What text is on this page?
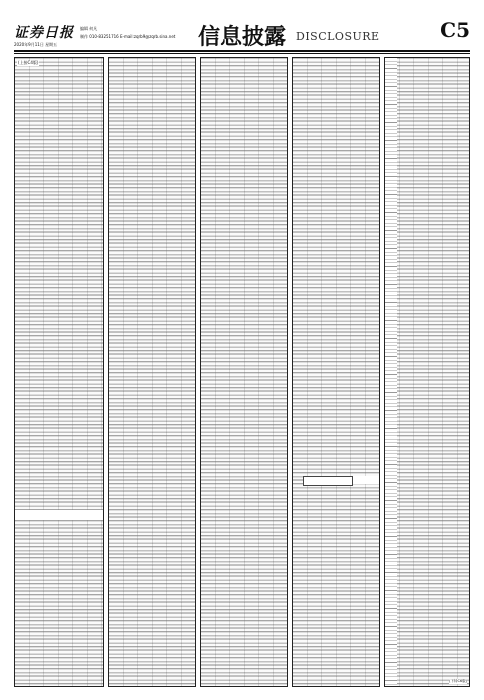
证券日报
2020年9月11日 星期五
编辑 何凡
制作 010-83251716 E-mail:zqrb9@zqrb.sina.net 信息披露 DISCLOSURE	C5
(上接C4版)
(下转C6版)
